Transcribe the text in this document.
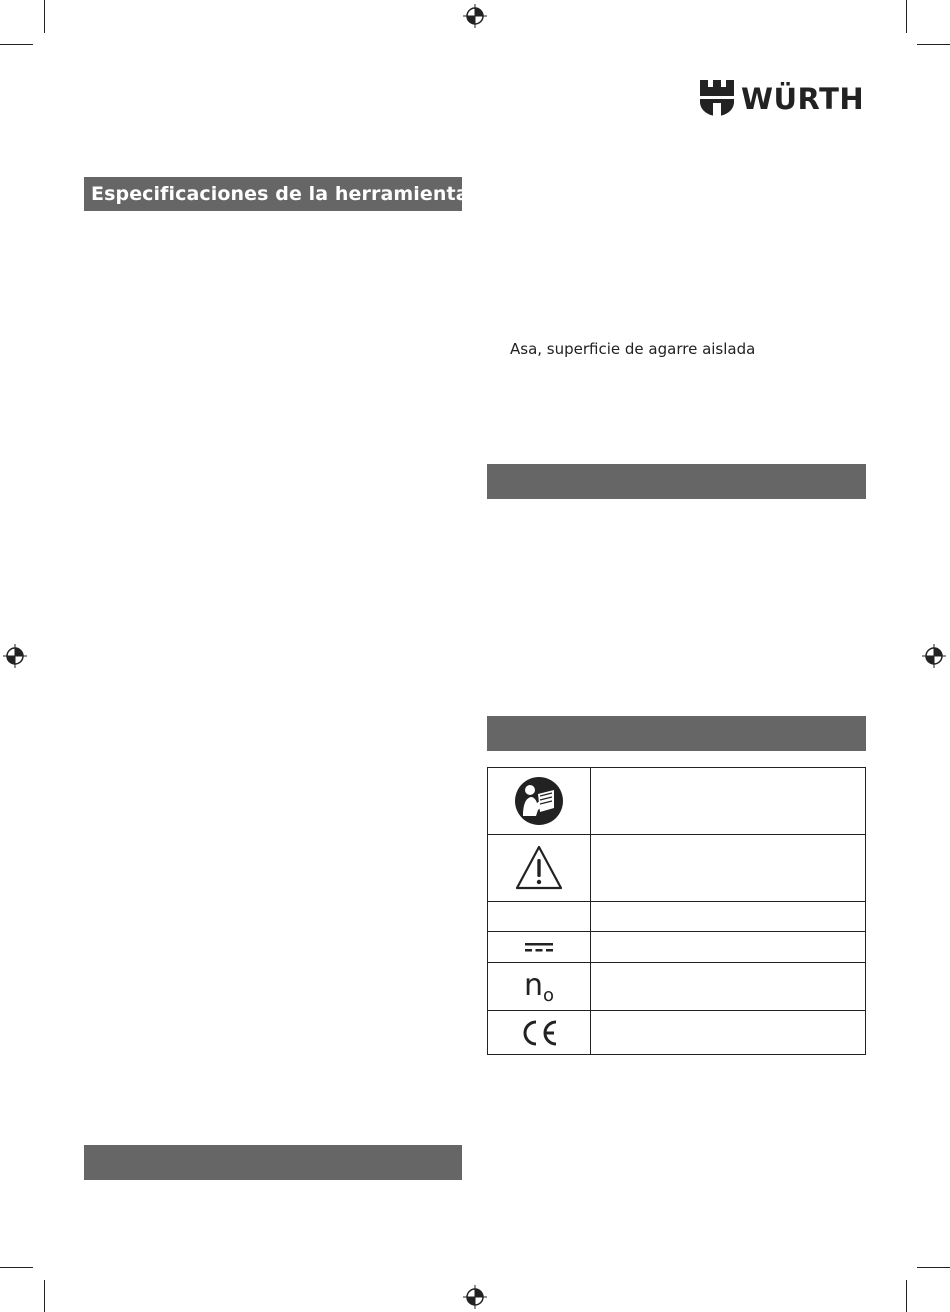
WÜRTH
Especificaciones de la herramienta
Asa, superficie de agarre aislada

$n_o$	
